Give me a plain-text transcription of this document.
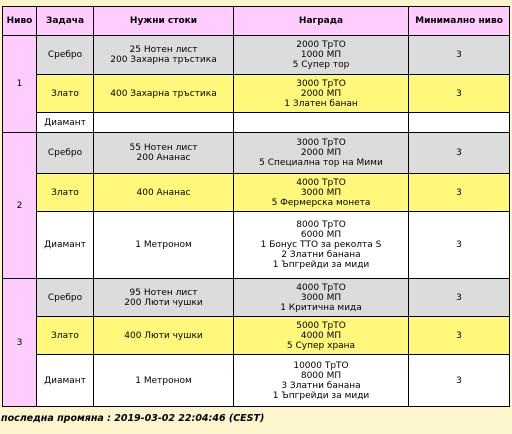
Ниво	Задача	Нужни стоки	Награда	Минимално ниво
1	Сребро	25 Нотен лист
200 Захарна тръстика	2000 ТрТО
1000 МП
5 Супер тор	3
	Злато	400 Захарна тръстика	3000 ТрТО
2000 МП
1 Златен банан	3
	Диамант			
2	Сребро	55 Нотен лист
200 Ананас	3000 ТрТО
2000 МП
5 Специална тор на Мими	3
	Злато	400 Ананас	4000 ТрТО
3000 МП
5 Фермерска монета	3
	Диамант	1 Метроном	8000 ТрТО
6000 МП
1 Бонус ТТО за реколта S
2 Златни банана
1 Ъпгрейди за миди	3
3	Сребро	95 Нотен лист
200 Люти чушки	4000 ТрТО
3000 МП
1 Критична мида	3
	Злато	400 Люти чушки	5000 ТрТО
4000 МП
5 Супер храна	3
	Диамант	1 Метроном	10000 ТрТО
8000 МП
3 Златни банана
1 Ъпгрейди за миди	3
последна промяна : 2019-03-02 22:04:46 (CEST)
